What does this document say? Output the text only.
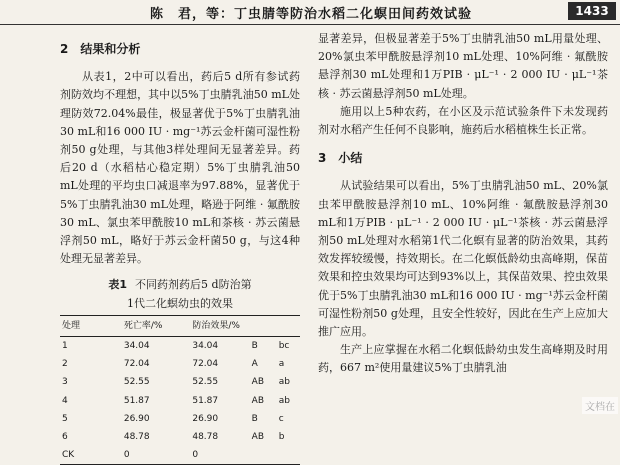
陈　君，等：丁虫腈等防治水稻二化螟田间药效试验	1433
2　结果和分析

从表1，2中可以看出，药后5 d所有参试药剂防效均不理想，其中以5%丁虫腈乳油50 mL处理防效72.04%最佳，极显著优于5%丁虫腈乳油30 mL和16 000 IU · mg⁻¹苏云金杆菌可湿性粉剂50 g处理，与其他3样处理间无显著差异。药后20 d（水稻枯心稳定期）5%丁虫腈乳油50 mL处理的平均虫口减退率为97.88%，显著优于5%丁虫腈乳油30 mL处理，略逊于阿维 · 氟酰胺30 mL、氯虫苯甲酰胺10 mL和茶核 · 苏云菌悬浮剂50 mL，略好于苏云金杆菌50 g，与这4种处理无显著差异。

表1 不同药剂药后5 d防治第
1代二化螟幼虫的效果
处理	死亡率/%	防治效果/%		
1	34.04	34.04	B	bc
2	72.04	72.04	A	a
3	52.55	52.55	AB	ab
4	51.87	51.87	AB	ab
5	26.90	26.90	B	c
6	48.78	48.78	AB	b
CK	0	0		

显著差异，但极显著差于5%丁虫腈乳油50 mL用量处理、20%氯虫苯甲酰胺悬浮剂10 mL处理、10%阿维 · 氟酰胺悬浮剂30 mL处理和1万PIB · μL⁻¹ · 2 000 IU · μL⁻¹茶核 · 苏云菌悬浮剂50 mL处理。

施用以上5种农药，在小区及示范试验条件下未发现药剂对水稻产生任何不良影响，施药后水稻植株生长正常。

3　小结

从试验结果可以看出，5%丁虫腈乳油50 mL、20%氯虫苯甲酰胺悬浮剂10 mL、10%阿维 · 氟酰胺悬浮剂30 mL和1万PIB · μL⁻¹ · 2 000 IU · μL⁻¹茶核 · 苏云菌悬浮剂50 mL处理对水稻第1代二化螟有显著的防治效果，其药效发挥较缓慢，持效期长。在二化螟低龄幼虫高峰期，保苗效果和控虫效果均可达到93%以上，其保苗效果、控虫效果优于5%丁虫腈乳油30 mL和16 000 IU · mg⁻¹苏云金杆菌可湿性粉剂50 g处理，且安全性较好，因此在生产上应加大推广应用。

生产上应掌握在水稻二化螟低龄幼虫发生高峰期及时用药，667 m²使用量建议5%丁虫腈乳油

文档在
